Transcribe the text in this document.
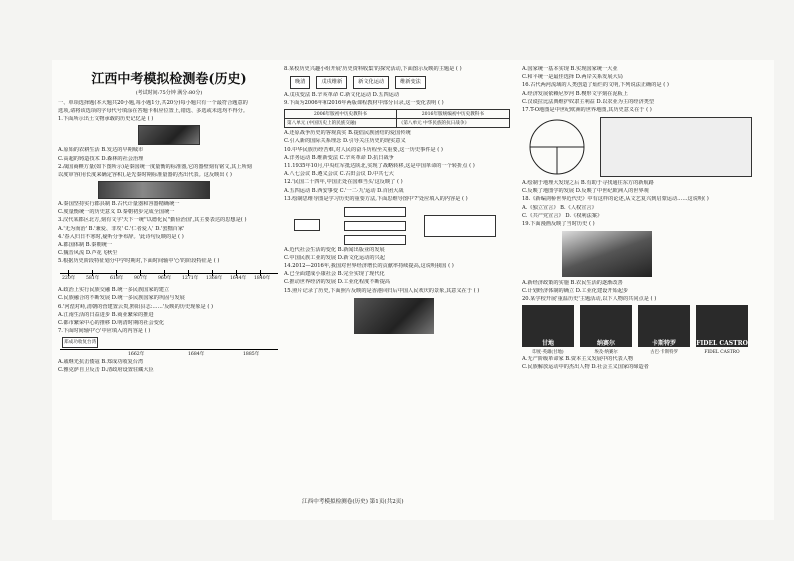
江西中考模拟检测卷(历史)
(考试时间:75分钟 满分:80分)

一、单项选择题(本大题共20小题,每小题1分,共20分)每小题只有一个最符合题意的

选项,请将该选项的字母代号填涂在答题卡相应位置上,错选、多选或未选均不得分。

1.下面所示出土文物承载的历史记忆是 ( )

A.原始的农耕生活 B.发达的早期城市

C.高超的铸造技术 D.森林的社会治理

2.战国商鞅方量(如下图所示)是秦国统一度量衡的标准器,它的器壁刻有铭文,其上所刻

以度审容(用长度来确定容积),是先秦时期标准量器的杰出代表。这反映出 ( )

A.秦国坚持实行郡县制 B.古代计量器和容器精确统一

C.度量衡统一的历史意义 D.秦朝初步完成全国统一

3.汉代某郡区北方,刻有文字'天下一统''以德化民''勤俭治国',其主要表达的思想是( )

A.'无为而治' B.'兼爱、非攻' C.'仁者爱人' D.'罢黜百家'

4.'春入归日不寒时,疑听分争布辞。'此诗句反映的是 ( )

A.郡国体制 B.秦朝统一

C.魏晋风流 D.芦花飞秋尘

5.根据历史阶段特征划分中学时期对,下面时间轴中'○'的阶段特征是 ( )

220年 581年 618年 907年 960年 1271年 1368年 1644年 1840年

A.政治上实行民族交融 B.统一多民族国家的建立

C.民族融合的不断发展 D.统一多民族国家的巩固与发展

6.'河湟对峙,清朝的营建置云贵,黔阳县志:……'反映的历史现象是 ( )

A.江南生活的日益进步 B.商业繁荣的推进

C.都市繁荣中心的推移 D.明清时期的社会变化

7.下面时间轴中'○'中应填入的内容是 ( )

郑成功收复台湾
1662年	1684年	1885年

A.戚继光抗击倭寇 B.郑成功收复台湾

C.雅克萨自卫反击 D.清政府设置驻藏大臣

8.某校历史兴趣小组开展'历史资料收集'的探究活动,下面图示反映的主题是 ( )

晚清	戊戌维新	新文化运动	维新变法

A.戊戌变法 B.辛亥革命 C.新文化运动 D.五四运动

9.下面为2006年和2016年两版课程教材中部分目录,这一变化表明 ( )

2006年版初中历史教科书	2016年版统编初中历史教科书
第八单元 (中国历史上的民族交融)	《第八单元 中华民族的抗日战争》

A.还原战争历史的客观真实 B.提倡民族团结的爱国传统

C.引入新的国际关系理念 D.引导关注历史的现实意义

10.中华民族历经苦难,对人民的奋斗历程至关重要,这一历史事件是 ( )

A.洋务运动 B.维新变法 C.辛亥革命 D.抗日战争

11.1935年10月,中央红军抵达陕北,实现了战略转移,这是中国革命的一个转折点 ( )

A.八七会议 B.遵义会议 C.古田会议 D.中共七大

12.'民国二十四年,中国正处在国难当头'这反映了 ( )

A.五四运动 B.西安事变 C.'一二·九'运动 D.百团大战

13.绘制思维导图是学习历史的重要方法,下面思维导图中'?'处应填入的内容是 ( )

A.近代社会生活的变化 B.新闻出版业的发展

C.中国民族工业的发展 D.新文化运动的兴起

14.2012—2016年,我国对世界经济增长的贡献率持续提高,这说明我国 ( )

A.已全面建成小康社会 B.完全实现了现代化

C.推动世界经济的发展 D.工业化程度不断提高

15.照片记录了历史,下面照片反映的是香港回归后中国人民欢庆的景象,其意义在于 ( )

A.国家统一基本实现 B.实现国家统一大业

C.和平统一是最佳选择 D.两岸关系发展大局

16.古代两河流域的人类创造了灿烂的文明,下列说法正确的是 ( )

A.经济发展依赖尼罗河 B.楔形文字刻在泥板上

C.汉谟拉比法典维护奴隶主利益 D.以农业为主的经济类型

17.T-O地图是中世纪欧洲的世界地图,其历史意义在于 ( )

A.绘制于地理大发现之后 B.有助于寻找通往东方的新航路

C.反映了地图学的发展 D.反映了中世纪欧洲人的世界观

18.《新编剑桥世界近代史》中有这样的论述,从文艺复兴到启蒙运动……这说明( )

A.《独立宣言》 B.《人权宣言》

C.《共产党宣言》 D.《权利法案》

19.下面漫画反映了当时历史 ( )

A.新经济政策的实施 B.农民生活的逐渐改善

C.计划经济体制的确立 D.工业化建设开始起步

20.某学校开展'重温历史'主题活动,以下人物的共同点是 ( )

甘地	纳赛尔	卡斯特罗	FIDEL CASTRO
印度·英雄(甘地)	埃及·纳赛尔	古巴·卡斯特罗	FIDEL CASTRO

A.无产阶级革命家 B.资本主义发展中的代表人物

C.民族解放运动中的杰出人物 D.社会主义国家的缔造者

江西中考模拟检测卷(历史) 第1页(共2页)
